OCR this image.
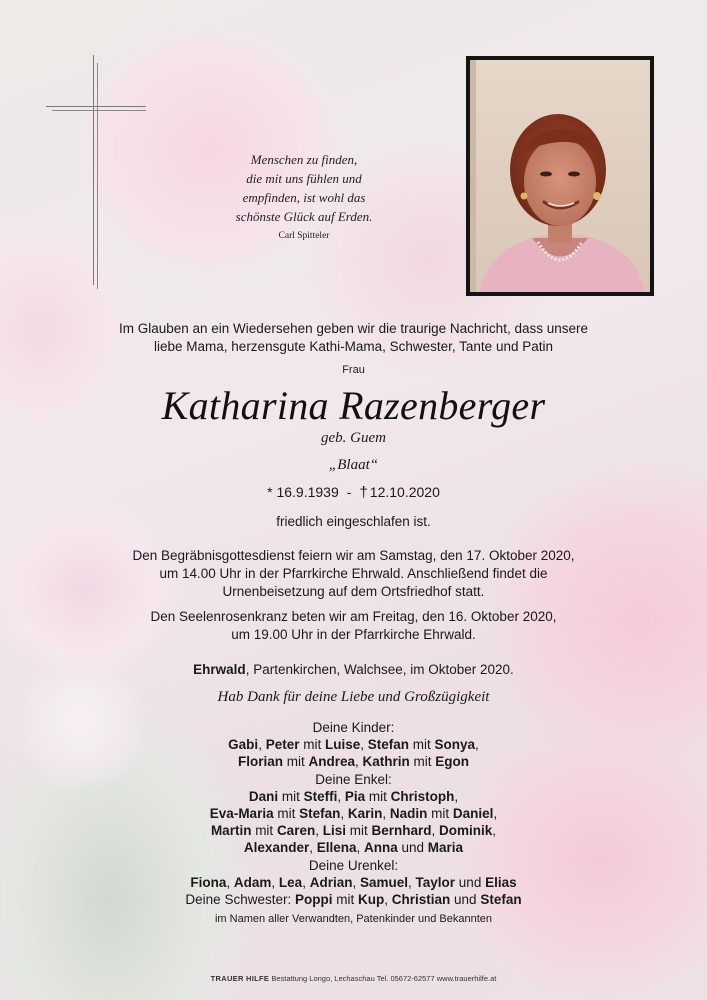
Menschen zu finden,
die mit uns fühlen und
empfinden, ist wohl das
schönste Glück auf Erden.
Carl Spitteler
Im Glauben an ein Wiedersehen geben wir die traurige Nachricht, dass unsere
liebe Mama, herzensgute Kathi-Mama, Schwester, Tante und Patin
Frau
Katharina Razenberger
geb. Guem
„Blaat“
* 16.9.1939 - † 12.10.2020
friedlich eingeschlafen ist.
Den Begräbnisgottesdienst feiern wir am Samstag, den 17. Oktober 2020,
um 14.00 Uhr in der Pfarrkirche Ehrwald. Anschließend findet die
Urnenbeisetzung auf dem Ortsfriedhof statt.
Den Seelenrosenkranz beten wir am Freitag, den 16. Oktober 2020,
um 19.00 Uhr in der Pfarrkirche Ehrwald.
Ehrwald, Partenkirchen, Walchsee, im Oktober 2020.
Hab Dank für deine Liebe und Großzügigkeit
Deine Kinder:
Gabi, Peter mit Luise, Stefan mit Sonya,
Florian mit Andrea, Kathrin mit Egon
Deine Enkel:
Dani mit Steffi, Pia mit Christoph,
Eva-Maria mit Stefan, Karin, Nadin mit Daniel,
Martin mit Caren, Lisi mit Bernhard, Dominik,
Alexander, Ellena, Anna und Maria
Deine Urenkel:
Fiona, Adam, Lea, Adrian, Samuel, Taylor und Elias
Deine Schwester: Poppi mit Kup, Christian und Stefan
im Namen aller Verwandten, Patenkinder und Bekannten
TRAUER HILFE Bestattung Longo, Lechaschau Tel. 05672-62577 www.trauerhilfe.at
